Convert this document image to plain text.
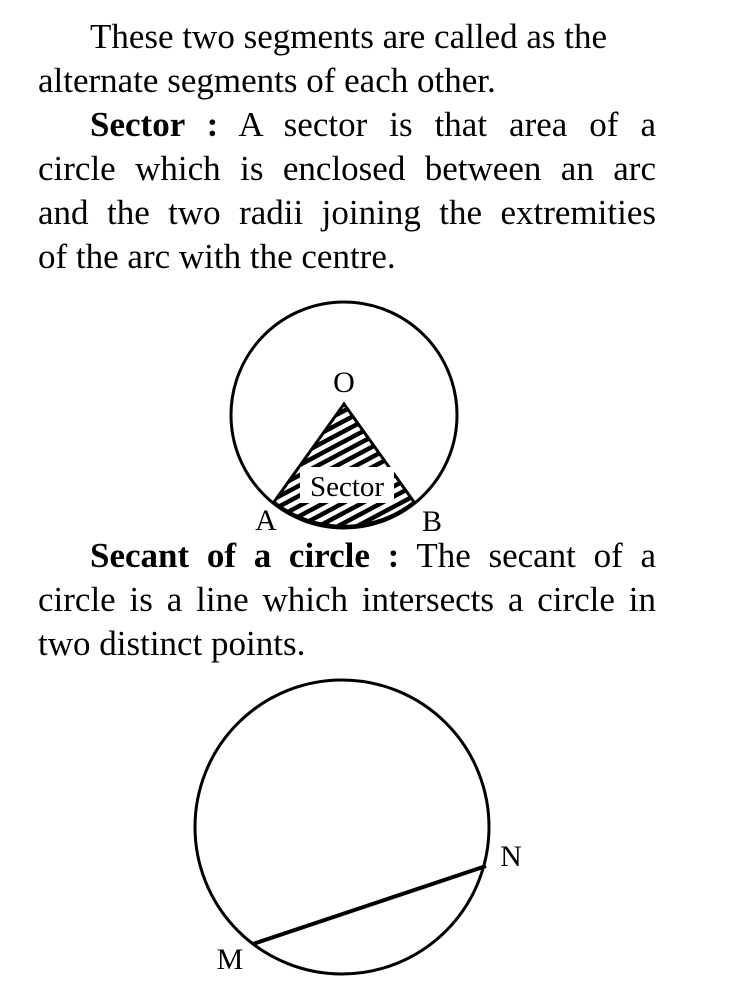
These two segments are called as the
alternate segments of each other.
Sector : A sector is that area of a
circle which is enclosed between an arc
and the two radii joining the extremities
of the arc with the centre.
Sector
O
A	B
Secant of a circle : The secant of a
circle is a line which intersects a circle in
two distinct points.
M
N
